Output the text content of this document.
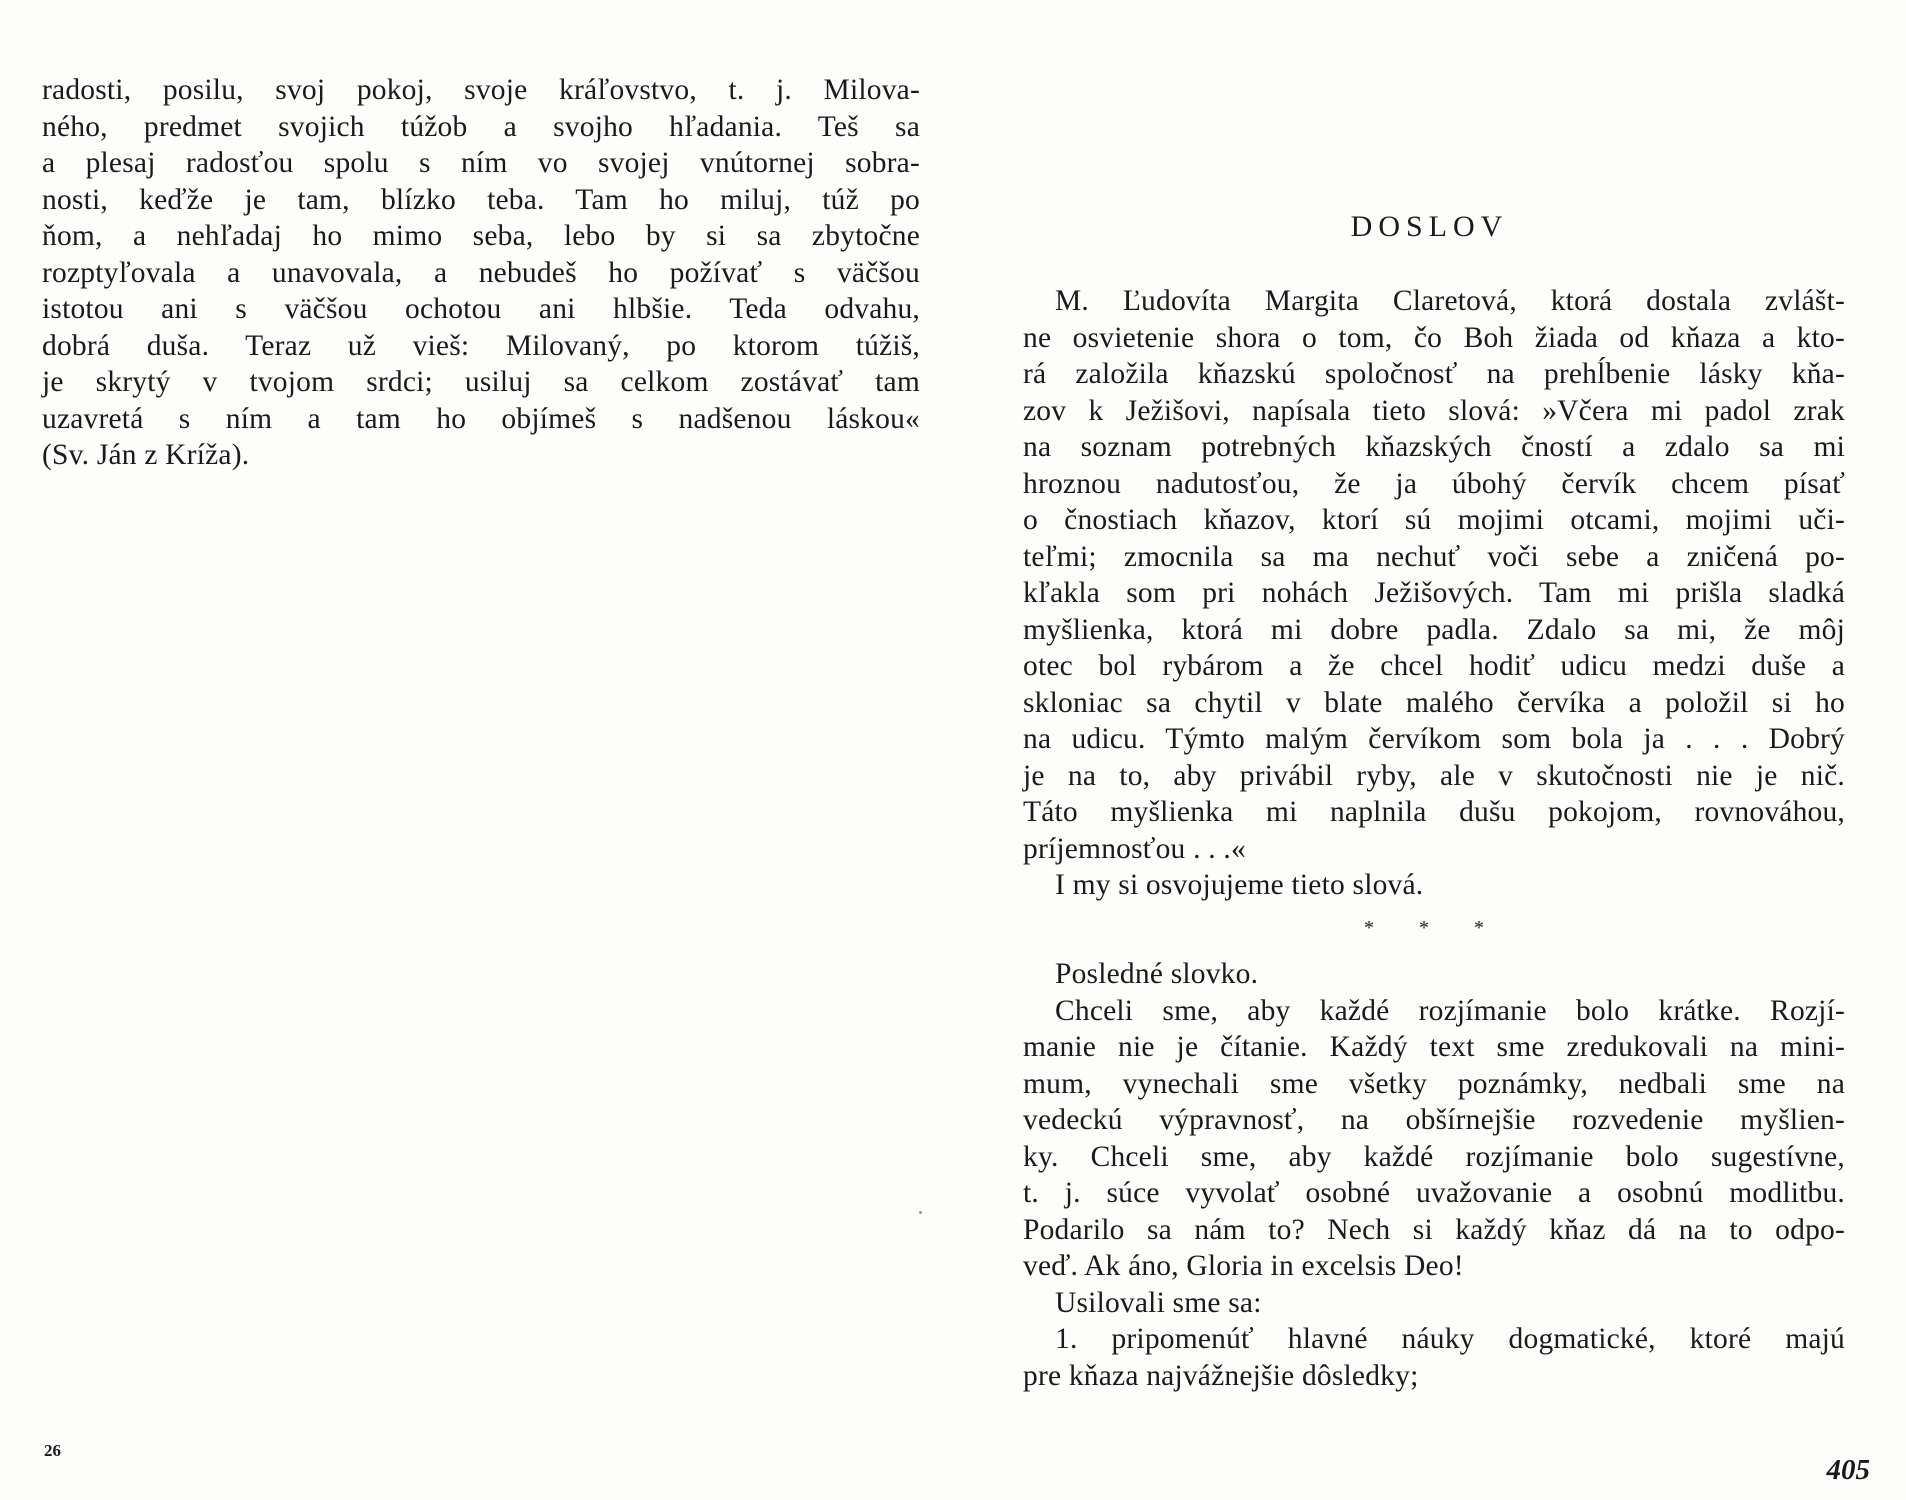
radosti, posilu, svoj pokoj, svoje kráľovstvo, t. j. Milova-
ného, predmet svojich túžob a svojho hľadania. Teš sa
a plesaj radosťou spolu s ním vo svojej vnútornej sobra-
nosti, keďže je tam, blízko teba. Tam ho miluj, túž po
ňom, a nehľadaj ho mimo seba, lebo by si sa zbytočne
rozptyľovala a unavovala, a nebudeš ho požívať s väčšou
istotou ani s väčšou ochotou ani hlbšie. Teda odvahu,
dobrá duša. Teraz už vieš: Milovaný, po ktorom túžiš,
je skrytý v tvojom srdci; usiluj sa celkom zostávať tam
uzavretá s ním a tam ho objímeš s nadšenou láskou«
(Sv. Ján z Kríža).
26
DOSLOV
M. Ľudovíta Margita Claretová, ktorá dostala zvlášt-
ne osvietenie shora o tom, čo Boh žiada od kňaza a kto-
rá založila kňazskú spoločnosť na prehĺbenie lásky kňa-
zov k Ježišovi, napísala tieto slová: »Včera mi padol zrak
na soznam potrebných kňazských čností a zdalo sa mi
hroznou nadutosťou, že ja úbohý červík chcem písať
o čnostiach kňazov, ktorí sú mojimi otcami, mojimi uči-
teľmi; zmocnila sa ma nechuť voči sebe a zničená po-
kľakla som pri nohách Ježišových. Tam mi prišla sladká
myšlienka, ktorá mi dobre padla. Zdalo sa mi, že môj
otec bol rybárom a že chcel hodiť udicu medzi duše a
skloniac sa chytil v blate malého červíka a položil si ho
na udicu. Týmto malým červíkom som bola ja . . . Dobrý
je na to, aby privábil ryby, ale v skutočnosti nie je nič.
Táto myšlienka mi naplnila dušu pokojom, rovnováhou,
príjemnosťou . . .«
I my si osvojujeme tieto slová.
* * *
Posledné slovko.
Chceli sme, aby každé rozjímanie bolo krátke. Rozjí-
manie nie je čítanie. Každý text sme zredukovali na mini-
mum, vynechali sme všetky poznámky, nedbali sme na
vedeckú výpravnosť, na obšírnejšie rozvedenie myšlien-
ky. Chceli sme, aby každé rozjímanie bolo sugestívne,
t. j. súce vyvolať osobné uvažovanie a osobnú modlitbu.
Podarilo sa nám to? Nech si každý kňaz dá na to odpo-
veď. Ak áno, Gloria in excelsis Deo!
Usilovali sme sa:
1. pripomenúť hlavné náuky dogmatické, ktoré majú
pre kňaza najvážnejšie dôsledky;
405
